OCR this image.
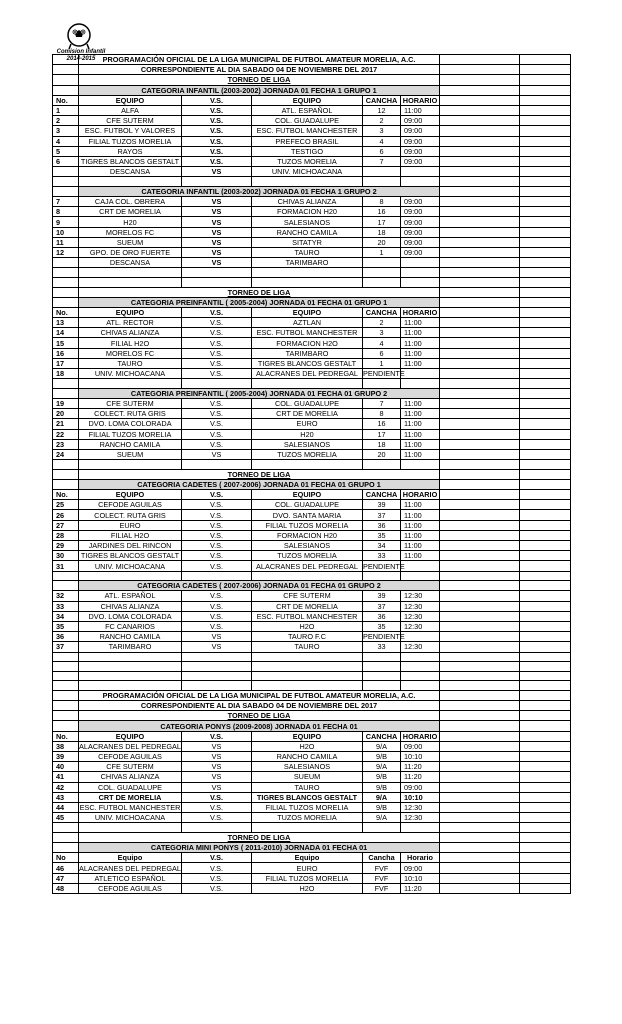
Comision Infantil
2014-2015
	PROGRAMACIÓN OFICIAL DE LA LIGA MUNICIPAL DE FUTBOL AMATEUR MORELIA, A.C.						
	CORRESPONDIENTE AL DIA SABADO 04 DE NOVIEMBRE DEL 2017						
	TORNEO DE LIGA						
	CATEGORIA INFANTIL (2003-2002) JORNADA 01 FECHA 1 GRUPO 1						
No.	EQUIPO	V.S.	EQUIPO	CANCHA	HORARIO		
1	ALFA	V.S.	ATL. ESPAÑOL	12	11:00		
2	CFE SUTERM	V.S.	COL. GUADALUPE	2	09:00		
3	ESC. FUTBOL Y VALORES	V.S.	ESC. FUTBOL MANCHESTER	3	09:00		
4	FILIAL TUZOS MORELIA	V.S.	PREFECO BRASIL	4	09:00		
5	RAYOS	V.S.	TESTIGO	6	09:00		
6	TIGRES BLANCOS GESTALT	V.S.	TUZOS MORELIA	7	09:00		
	DESCANSA	VS	UNIV. MICHOACANA				

	CATEGORIA INFANTIL (2003-2002) JORNADA 01 FECHA 1 GRUPO 2						
7	CAJA COL. OBRERA	VS	CHIVAS ALIANZA	8	09:00		
8	CRT DE MORELIA	VS	FORMACION H20	16	09:00		
9	H20	VS	SALESIANOS	17	09:00		
10	MORELOS FC	VS	RANCHO CAMILA	18	09:00		
11	SUEUM	VS	SITATYR	20	09:00		
12	GPO. DE ORO FUERTE	VS	TAURO	1	09:00		
	DESCANSA	VS	TARIMBARO				

	TORNEO DE LIGA						
	CATEGORIA PREINFANTIL ( 2005-2004) JORNADA 01 FECHA 01 GRUPO 1						
No.	EQUIPO	V.S.	EQUIPO	CANCHA	HORARIO		
13	ATL. RECTOR	V.S.	AZTLAN	2	11:00		
14	CHIVAS ALIANZA	V.S.	ESC. FUTBOL MANCHESTER	3	11:00		
15	FILIAL H2O	V.S.	FORMACION H2O	4	11:00		
16	MORELOS FC	V.S.	TARIMBARO	6	11:00		
17	TAURO	V.S.	TIGRES BLANCOS GESTALT	1	11:00		
18	UNIV. MICHOACANA	V.S.	ALACRANES DEL PEDREGAL	PENDIENTE			

	CATEGORIA PREINFANTIL ( 2005-2004) JORNADA 01 FECHA 01 GRUPO 2						
19	CFE SUTERM	V.S.	COL. GUADALUPE	7	11:00		
20	COLECT. RUTA GRIS	V.S.	CRT DE MORELIA	8	11:00		
21	DVO. LOMA COLORADA	V.S.	EURO	16	11:00		
22	FILIAL TUZOS MORELIA	V.S.	H20	17	11:00		
23	RANCHO CAMILA	V.S.	SALESIANOS	18	11:00		
24	SUEUM	VS	TUZOS MORELIA	20	11:00		

	TORNEO DE LIGA						
	CATEGORIA CADETES ( 2007-2006) JORNADA 01 FECHA 01 GRUPO 1						
No.	EQUIPO	V.S.	EQUIPO	CANCHA	HORARIO		
25	CEFODE AGUILAS	V.S.	COL. GUADALUPE	39	11:00		
26	COLECT. RUTA GRIS	V.S.	DVO. SANTA MARIA	37	11:00		
27	EURO	V.S.	FILIAL TUZOS MORELIA	36	11:00		
28	FILIAL H2O	V.S.	FORMACION H20	35	11:00		
29	JARDINES DEL RINCON	V.S.	SALESIANOS	34	11:00		
30	TIGRES BLANCOS GESTALT	V.S.	TUZOS MORELIA	33	11:00		
31	UNIV. MICHOACANA	V.S.	ALACRANES DEL PEDREGAL	PENDIENTE			

	CATEGORIA CADETES ( 2007-2006) JORNADA 01 FECHA 01 GRUPO 2						
32	ATL. ESPAÑOL	V.S.	CFE SUTERM	39	12:30		
33	CHIVAS ALIANZA	V.S.	CRT DE MORELIA	37	12:30		
34	DVO. LOMA COLORADA	V.S.	ESC. FUTBOL MANCHESTER	36	12:30		
35	FC CANARIOS	V.S.	H2O	35	12:30		
36	RANCHO CAMILA	VS	TAURO F.C	PENDIENTE			
37	TARIMBARO	VS	TAURO	33	12:30		

	PROGRAMACIÓN OFICIAL DE LA LIGA MUNICIPAL DE FUTBOL AMATEUR MORELIA, A.C.						
	CORRESPONDIENTE AL DIA SABADO 04 DE NOVIEMBRE DEL 2017						
	TORNEO DE LIGA						
	CATEGORIA PONYS (2009-2008) JORNADA 01 FECHA 01						
No.	EQUIPO	V.S.	EQUIPO	CANCHA	HORARIO		
38	ALACRANES DEL PEDREGAL	VS	H2O	9/A	09:00		
39	CEFODE AGUILAS	VS	RANCHO CAMILA	9/B	10:10		
40	CFE SUTERM	VS	SALESIANOS	9/A	11:20		
41	CHIVAS ALIANZA	VS	SUEUM	9/B	11:20		
42	COL. GUADALUPE	VS	TAURO	9/B	09:00		
43	CRT DE MORELIA	V.S.	TIGRES BLANCOS GESTALT	9/A	10:10		
44	ESC. FUTBOL MANCHESTER	V.S.	FILIAL TUZOS MORELIA	9/B	12:30		
45	UNIV. MICHOACANA	V.S.	TUZOS MORELIA	9/A	12:30		

	TORNEO DE LIGA						
	CATEGORIA MINI PONYS ( 2011-2010) JORNADA 01 FECHA 01						
No	Equipo	V.S.	Equipo	Cancha	Horario		
46	ALACRANES DEL PEDREGAL	V.S.	EURO	FVF	09:00		
47	ATLETICO ESPAÑOL	V.S.	FILIAL TUZOS MORELIA	FVF	10:10		
48	CEFODE AGUILAS	V.S.	H2O	FVF	11:20		
